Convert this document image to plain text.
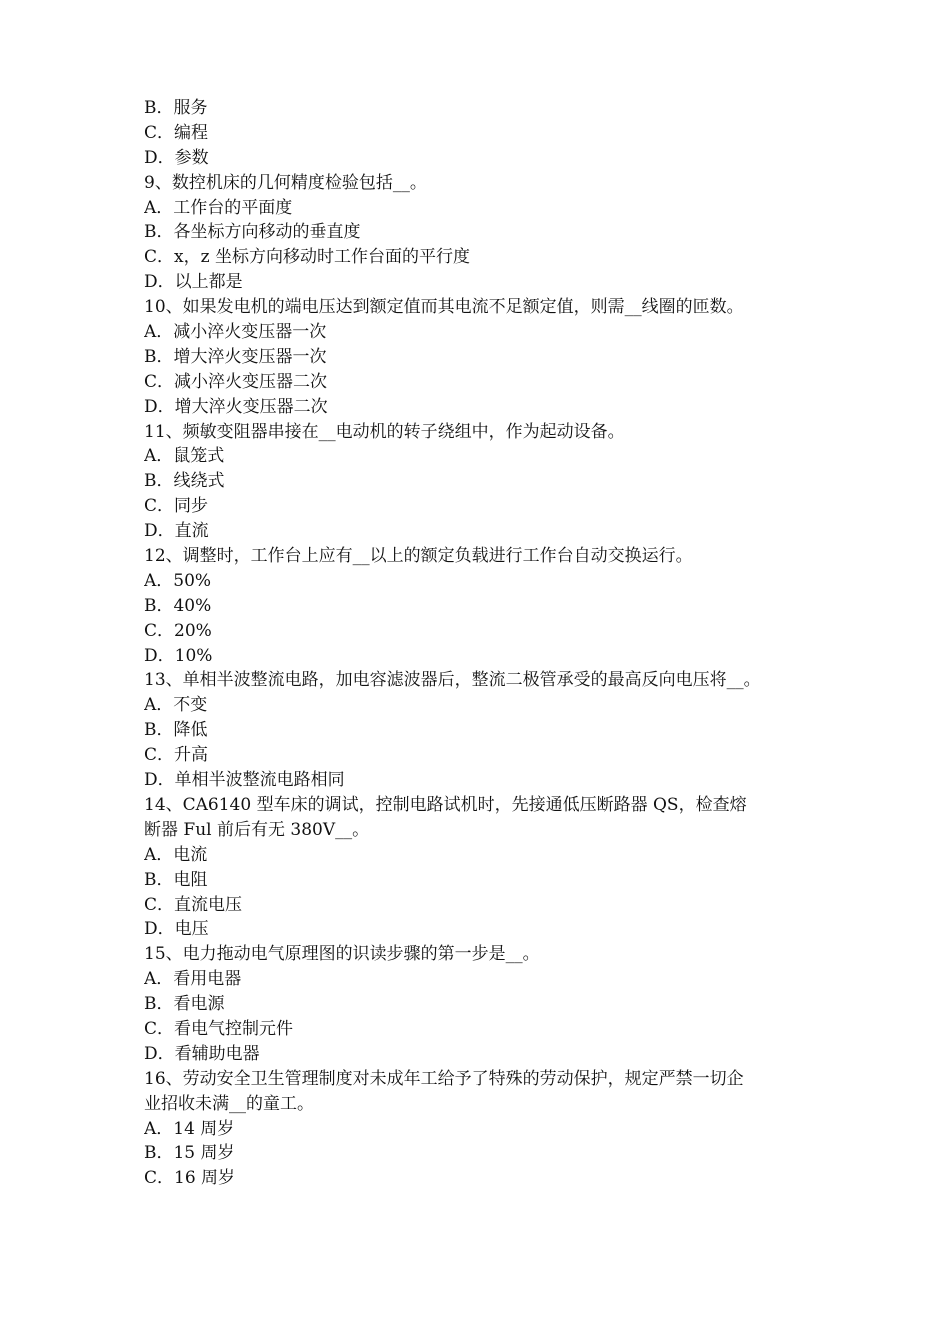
B．服务
C．编程
D．参数
9、数控机床的几何精度检验包括__。
A．工作台的平面度
B．各坐标方向移动的垂直度
C．x，z 坐标方向移动时工作台面的平行度
D．以上都是
10、如果发电机的端电压达到额定值而其电流不足额定值，则需__线圈的匝数。
A．减小淬火变压器一次
B．增大淬火变压器一次
C．减小淬火变压器二次
D．增大淬火变压器二次
11、频敏变阻器串接在__电动机的转子绕组中，作为起动设备。
A．鼠笼式
B．线绕式
C．同步
D．直流
12、调整时，工作台上应有__以上的额定负载进行工作台自动交换运行。
A．50%
B．40%
C．20%
D．10%
13、单相半波整流电路，加电容滤波器后，整流二极管承受的最高反向电压将__。
A．不变
B．降低
C．升高
D．单相半波整流电路相同
14、CA6140 型车床的调试，控制电路试机时，先接通低压断路器 QS，检查熔
断器 Ful 前后有无 380V__。
A．电流
B．电阻
C．直流电压
D．电压
15、电力拖动电气原理图的识读步骤的第一步是__。
A．看用电器
B．看电源
C．看电气控制元件
D．看辅助电器
16、劳动安全卫生管理制度对未成年工给予了特殊的劳动保护，规定严禁一切企
业招收未满__的童工。
A．14 周岁
B．15 周岁
C．16 周岁
